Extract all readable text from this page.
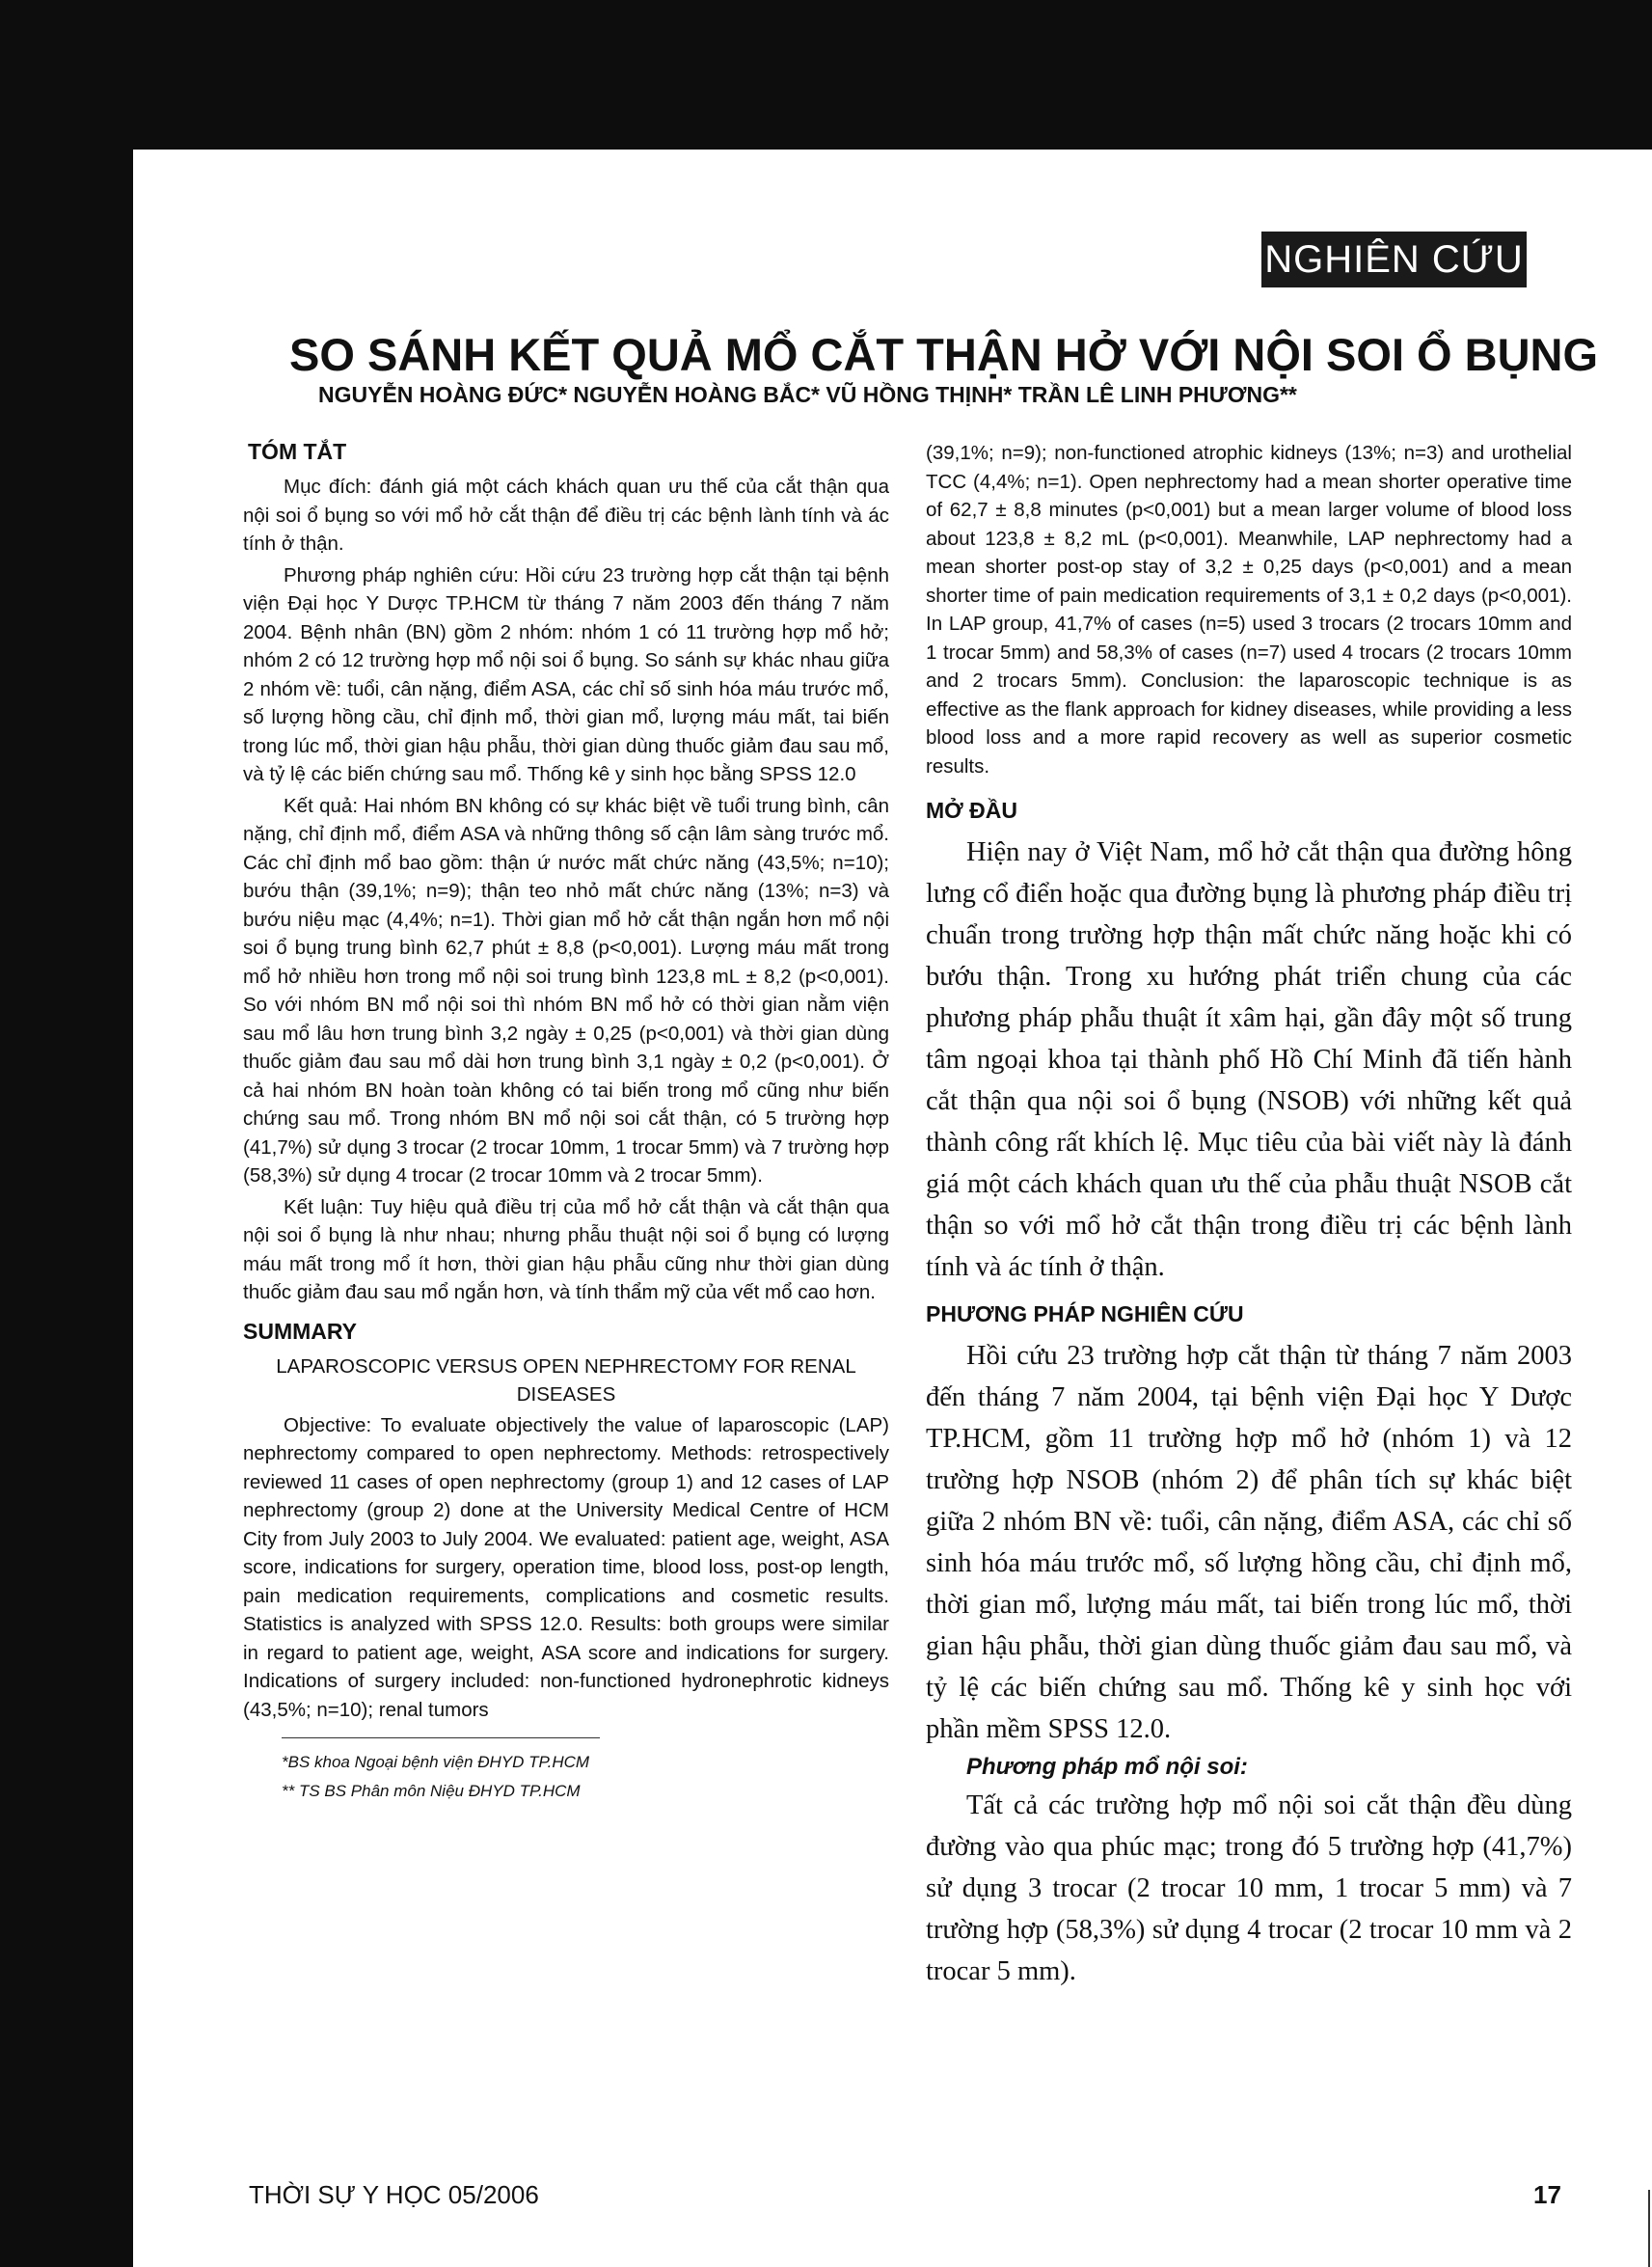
NGHIÊN CỨU
SO SÁNH KẾT QUẢ MỔ CẮT THẬN HỞ VỚI NỘI SOI Ổ BỤNG
NGUYỄN HOÀNG ĐỨC* NGUYỄN HOÀNG BẮC* VŨ HỒNG THỊNH* TRẦN LÊ LINH PHƯƠNG**
TÓM TẮT

Mục đích: đánh giá một cách khách quan ưu thế của cắt thận qua nội soi ổ bụng so với mổ hở cắt thận để điều trị các bệnh lành tính và ác tính ở thận.

Phương pháp nghiên cứu: Hồi cứu 23 trường hợp cắt thận tại bệnh viện Đại học Y Dược TP.HCM từ tháng 7 năm 2003 đến tháng 7 năm 2004. Bệnh nhân (BN) gồm 2 nhóm: nhóm 1 có 11 trường hợp mổ hở; nhóm 2 có 12 trường hợp mổ nội soi ổ bụng. So sánh sự khác nhau giữa 2 nhóm về: tuổi, cân nặng, điểm ASA, các chỉ số sinh hóa máu trước mổ, số lượng hồng cầu, chỉ định mổ, thời gian mổ, lượng máu mất, tai biến trong lúc mổ, thời gian hậu phẫu, thời gian dùng thuốc giảm đau sau mổ, và tỷ lệ các biến chứng sau mổ. Thống kê y sinh học bằng SPSS 12.0

Kết quả: Hai nhóm BN không có sự khác biệt về tuổi trung bình, cân nặng, chỉ định mổ, điểm ASA và những thông số cận lâm sàng trước mổ. Các chỉ định mổ bao gồm: thận ứ nước mất chức năng (43,5%; n=10); bướu thận (39,1%; n=9); thận teo nhỏ mất chức năng (13%; n=3) và bướu niệu mạc (4,4%; n=1). Thời gian mổ hở cắt thận ngắn hơn mổ nội soi ổ bụng trung bình 62,7 phút ± 8,8 (p<0,001). Lượng máu mất trong mổ hở nhiều hơn trong mổ nội soi trung bình 123,8 mL ± 8,2 (p<0,001). So với nhóm BN mổ nội soi thì nhóm BN mổ hở có thời gian nằm viện sau mổ lâu hơn trung bình 3,2 ngày ± 0,25 (p<0,001) và thời gian dùng thuốc giảm đau sau mổ dài hơn trung bình 3,1 ngày ± 0,2 (p<0,001). Ở cả hai nhóm BN hoàn toàn không có tai biến trong mổ cũng như biến chứng sau mổ. Trong nhóm BN mổ nội soi cắt thận, có 5 trường hợp (41,7%) sử dụng 3 trocar (2 trocar 10mm, 1 trocar 5mm) và 7 trường hợp (58,3%) sử dụng 4 trocar (2 trocar 10mm và 2 trocar 5mm).

Kết luận: Tuy hiệu quả điều trị của mổ hở cắt thận và cắt thận qua nội soi ổ bụng là như nhau; nhưng phẫu thuật nội soi ổ bụng có lượng máu mất trong mổ ít hơn, thời gian hậu phẫu cũng như thời gian dùng thuốc giảm đau sau mổ ngắn hơn, và tính thẩm mỹ của vết mổ cao hơn.

SUMMARY
LAPAROSCOPIC VERSUS OPEN NEPHRECTOMY FOR RENAL DISEASES

Objective: To evaluate objectively the value of laparoscopic (LAP) nephrectomy compared to open nephrectomy. Methods: retrospectively reviewed 11 cases of open nephrectomy (group 1) and 12 cases of LAP nephrectomy (group 2) done at the University Medical Centre of HCM City from July 2003 to July 2004. We evaluated: patient age, weight, ASA score, indications for surgery, operation time, blood loss, post-op length, pain medication requirements, complications and cosmetic results. Statistics is analyzed with SPSS 12.0. Results: both groups were similar in regard to patient age, weight, ASA score and indications for surgery. Indications of surgery included: non-functioned hydronephrotic kidneys (43,5%; n=10); renal tumors

*BS khoa Ngoại bệnh viện ĐHYD TP.HCM
** TS BS Phân môn Niệu ĐHYD TP.HCM

(39,1%; n=9); non-functioned atrophic kidneys (13%; n=3) and urothelial TCC (4,4%; n=1). Open nephrectomy had a mean shorter operative time of 62,7 ± 8,8 minutes (p<0,001) but a mean larger volume of blood loss about 123,8 ± 8,2 mL (p<0,001). Meanwhile, LAP nephrectomy had a mean shorter post-op stay of 3,2 ± 0,25 days (p<0,001) and a mean shorter time of pain medication requirements of 3,1 ± 0,2 days (p<0,001). In LAP group, 41,7% of cases (n=5) used 3 trocars (2 trocars 10mm and 1 trocar 5mm) and 58,3% of cases (n=7) used 4 trocars (2 trocars 10mm and 2 trocars 5mm). Conclusion: the laparoscopic technique is as effective as the flank approach for kidney diseases, while providing a less blood loss and a more rapid recovery as well as superior cosmetic results.

MỞ ĐẦU

Hiện nay ở Việt Nam, mổ hở cắt thận qua đường hông lưng cổ điển hoặc qua đường bụng là phương pháp điều trị chuẩn trong trường hợp thận mất chức năng hoặc khi có bướu thận. Trong xu hướng phát triển chung của các phương pháp phẫu thuật ít xâm hại, gần đây một số trung tâm ngoại khoa tại thành phố Hồ Chí Minh đã tiến hành cắt thận qua nội soi ổ bụng (NSOB) với những kết quả thành công rất khích lệ. Mục tiêu của bài viết này là đánh giá một cách khách quan ưu thế của phẫu thuật NSOB cắt thận so với mổ hở cắt thận trong điều trị các bệnh lành tính và ác tính ở thận.

PHƯƠNG PHÁP NGHIÊN CỨU

Hồi cứu 23 trường hợp cắt thận từ tháng 7 năm 2003 đến tháng 7 năm 2004, tại bệnh viện Đại học Y Dược TP.HCM, gồm 11 trường hợp mổ hở (nhóm 1) và 12 trường hợp NSOB (nhóm 2) để phân tích sự khác biệt giữa 2 nhóm BN về: tuổi, cân nặng, điểm ASA, các chỉ số sinh hóa máu trước mổ, số lượng hồng cầu, chỉ định mổ, thời gian mổ, lượng máu mất, tai biến trong lúc mổ, thời gian hậu phẫu, thời gian dùng thuốc giảm đau sau mổ, và tỷ lệ các biến chứng sau mổ. Thống kê y sinh học với phần mềm SPSS 12.0.

Phương pháp mổ nội soi:

Tất cả các trường hợp mổ nội soi cắt thận đều dùng đường vào qua phúc mạc; trong đó 5 trường hợp (41,7%) sử dụng 3 trocar (2 trocar 10 mm, 1 trocar 5 mm) và 7 trường hợp (58,3%) sử dụng 4 trocar (2 trocar 10 mm và 2 trocar 5 mm).

THỜI SỰ Y HỌC 05/2006	17
